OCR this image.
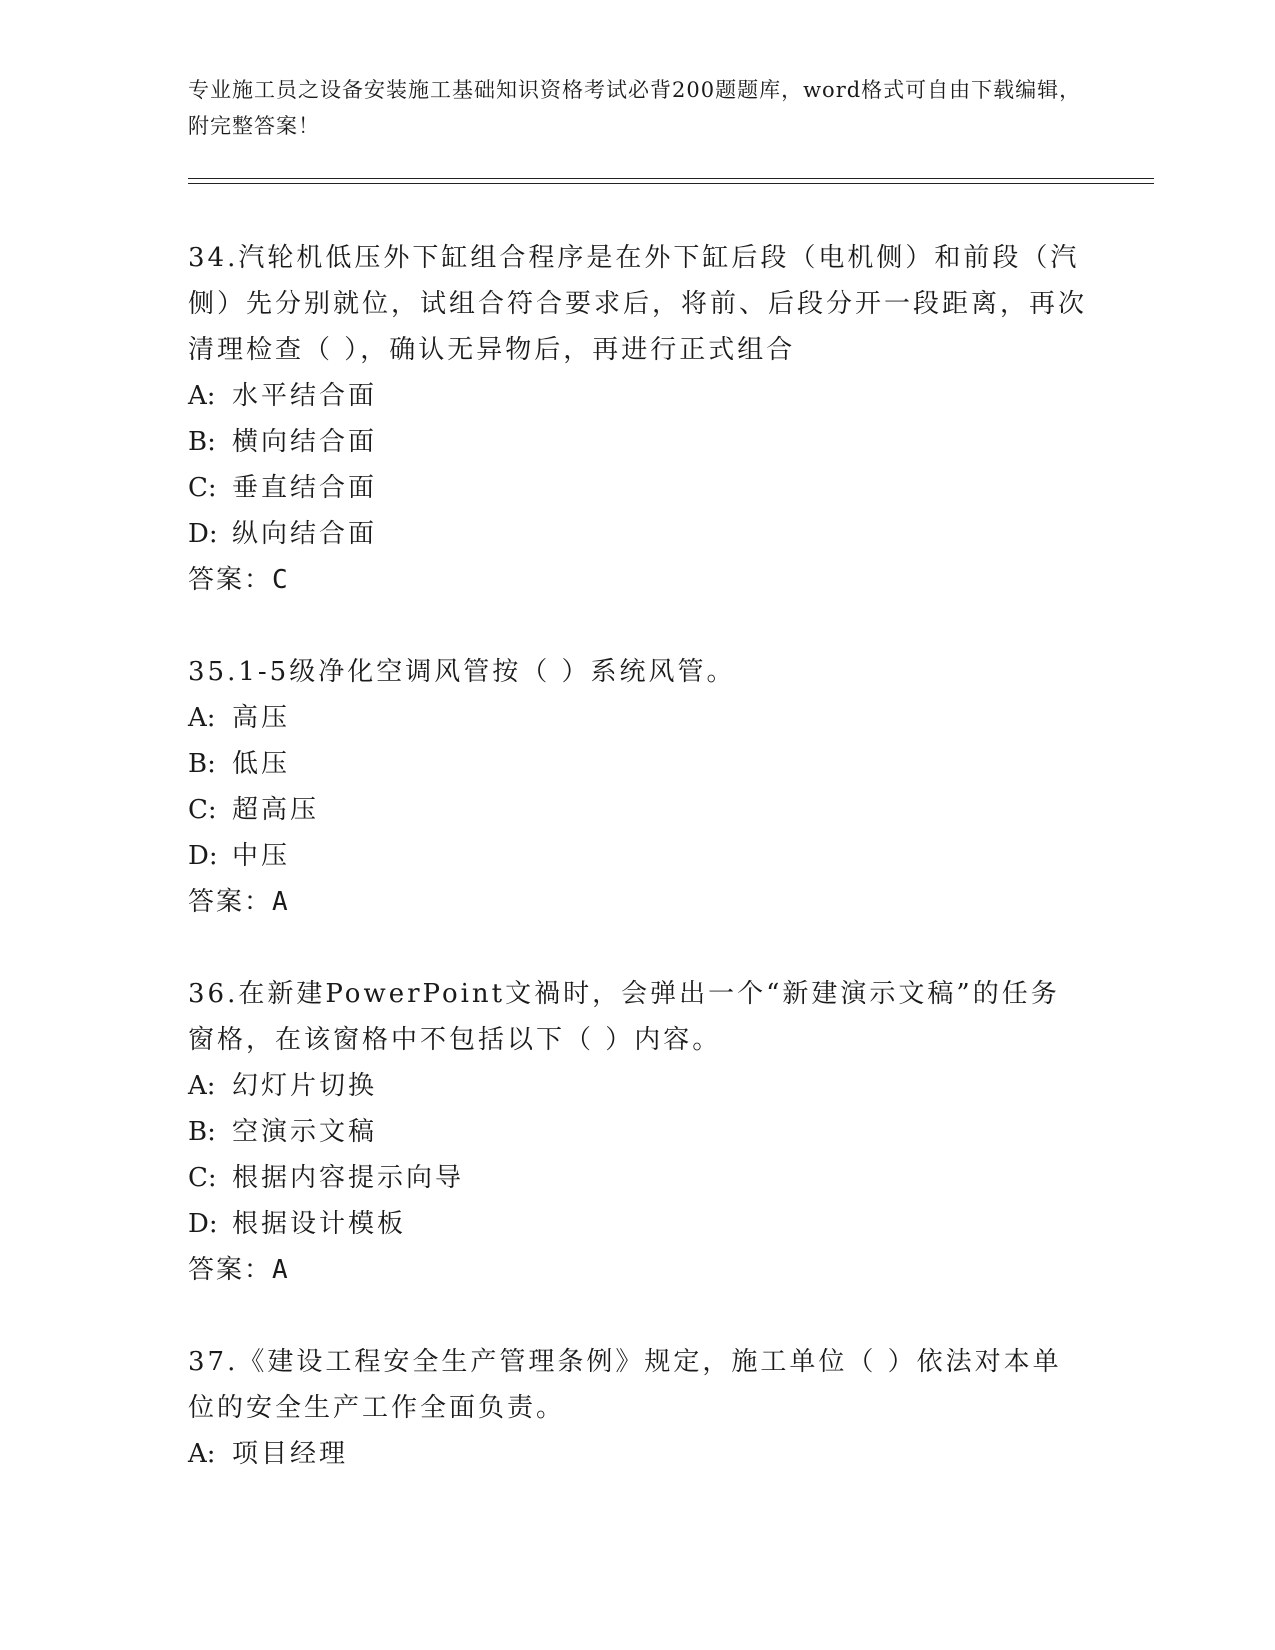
专业施工员之设备安装施工基础知识资格考试必背200题题库，word格式可自由下载编辑，附完整答案！

34.汽轮机低压外下缸组合程序是在外下缸后段（电机侧）和前段（汽侧）先分别就位，试组合符合要求后，将前、后段分开一段距离，再次清理检查（ ），确认无异物后，再进行正式组合

A: 水平结合面

B: 横向结合面

C: 垂直结合面

D: 纵向结合面

答案：C

35.1-5级净化空调风管按（ ）系统风管。

A: 高压

B: 低压

C: 超高压

D: 中压

答案：A

36.在新建PowerPoint文禍时，会弹出一个“新建演示文稿”的任务窗格，在该窗格中不包括以下（ ）内容。

A: 幻灯片切换

B: 空演示文稿

C: 根据内容提示向导

D: 根据设计模板

答案：A

37.《建设工程安全生产管理条例》规定，施工单位（ ）依法对本单位的安全生产工作全面负责。

A: 项目经理
